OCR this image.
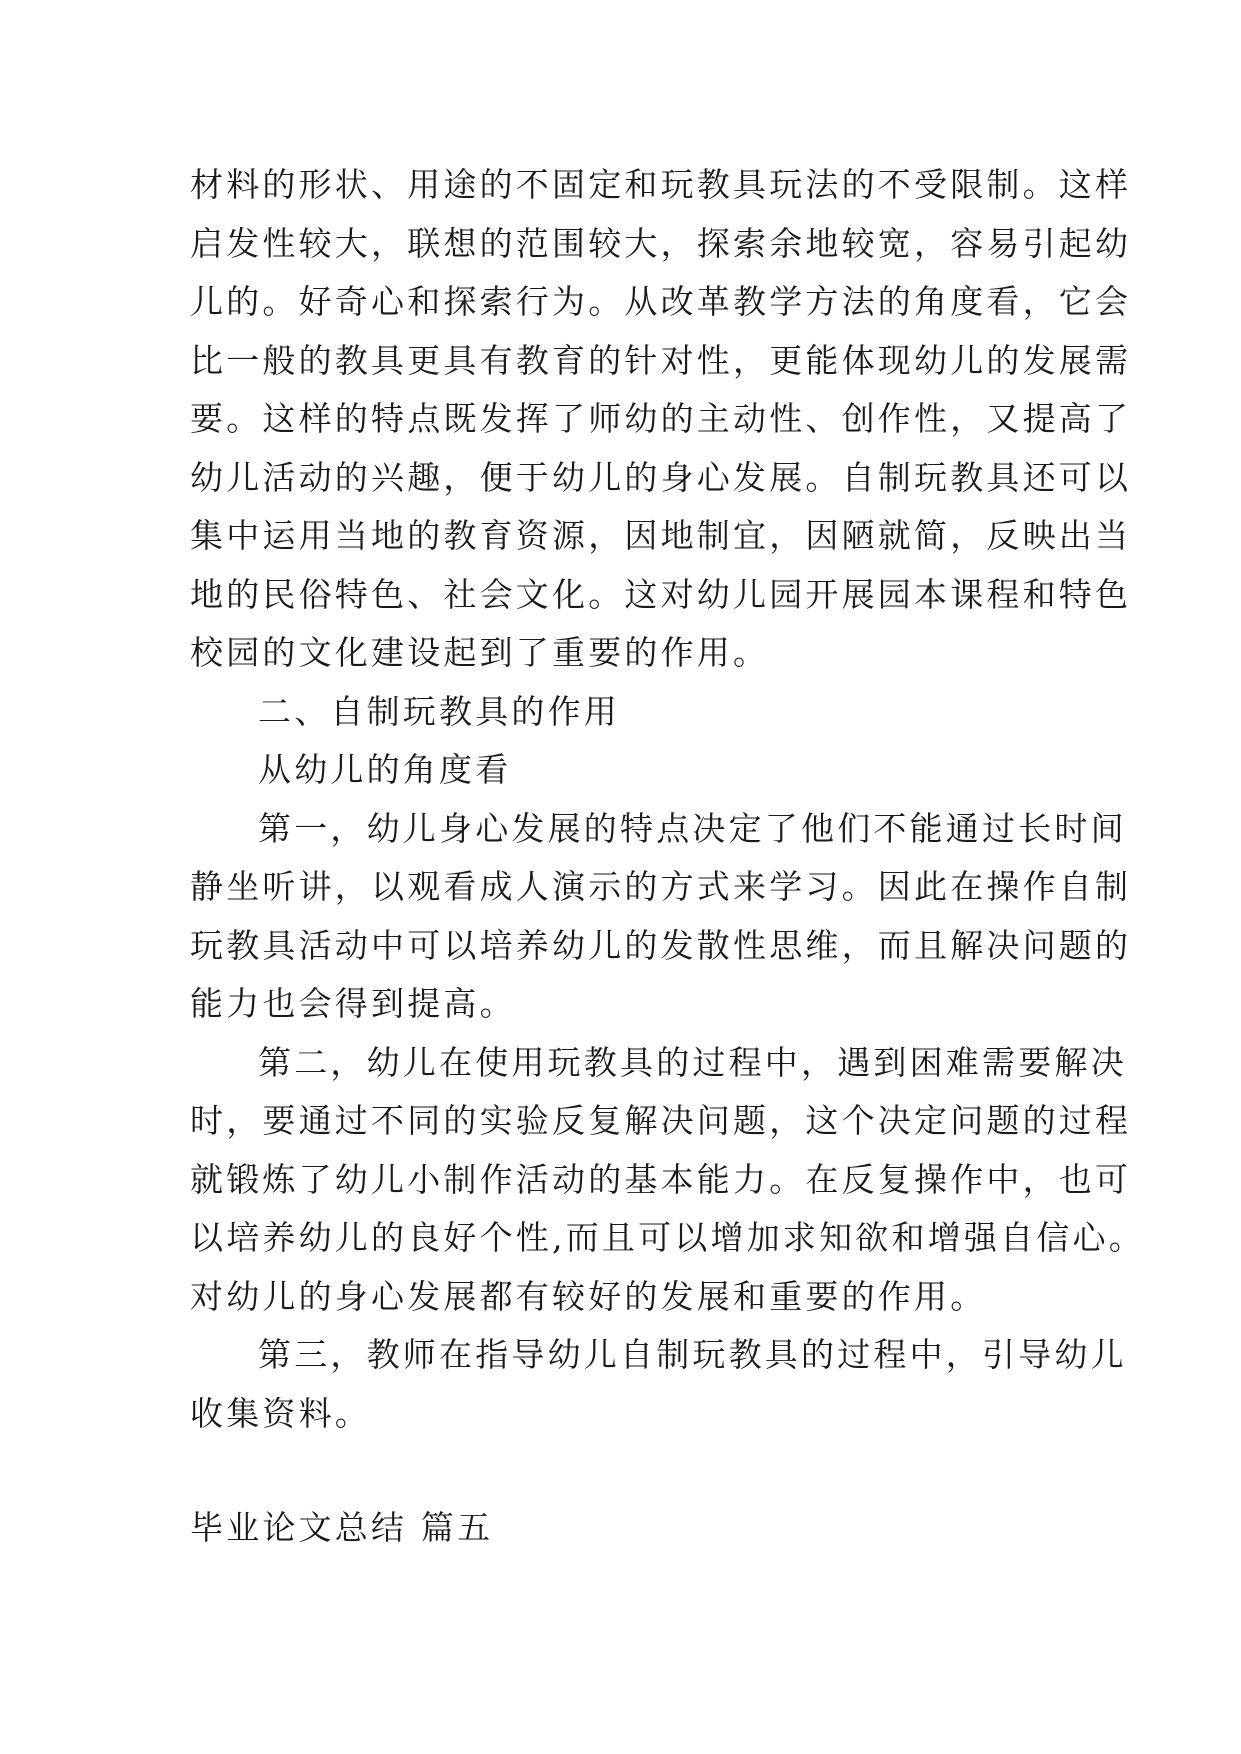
材料的形状、用途的不固定和玩教具玩法的不受限制。这样
启发性较大，联想的范围较大，探索余地较宽，容易引起幼
儿的。好奇心和探索行为。从改革教学方法的角度看，它会
比一般的教具更具有教育的针对性，更能体现幼儿的发展需
要。这样的特点既发挥了师幼的主动性、创作性，又提高了
幼儿活动的兴趣，便于幼儿的身心发展。自制玩教具还可以
集中运用当地的教育资源，因地制宜，因陋就简，反映出当
地的民俗特色、社会文化。这对幼儿园开展园本课程和特色
校园的文化建设起到了重要的作用。
二、自制玩教具的作用
从幼儿的角度看
第一，幼儿身心发展的特点决定了他们不能通过长时间
静坐听讲，以观看成人演示的方式来学习。因此在操作自制
玩教具活动中可以培养幼儿的发散性思维，而且解决问题的
能力也会得到提高。
第二，幼儿在使用玩教具的过程中，遇到困难需要解决
时，要通过不同的实验反复解决问题，这个决定问题的过程
就锻炼了幼儿小制作活动的基本能力。在反复操作中，也可
以培养幼儿的良好个性,而且可以增加求知欲和增强自信心。
对幼儿的身心发展都有较好的发展和重要的作用。
第三，教师在指导幼儿自制玩教具的过程中，引导幼儿
收集资料。
毕业论文总结 篇五
